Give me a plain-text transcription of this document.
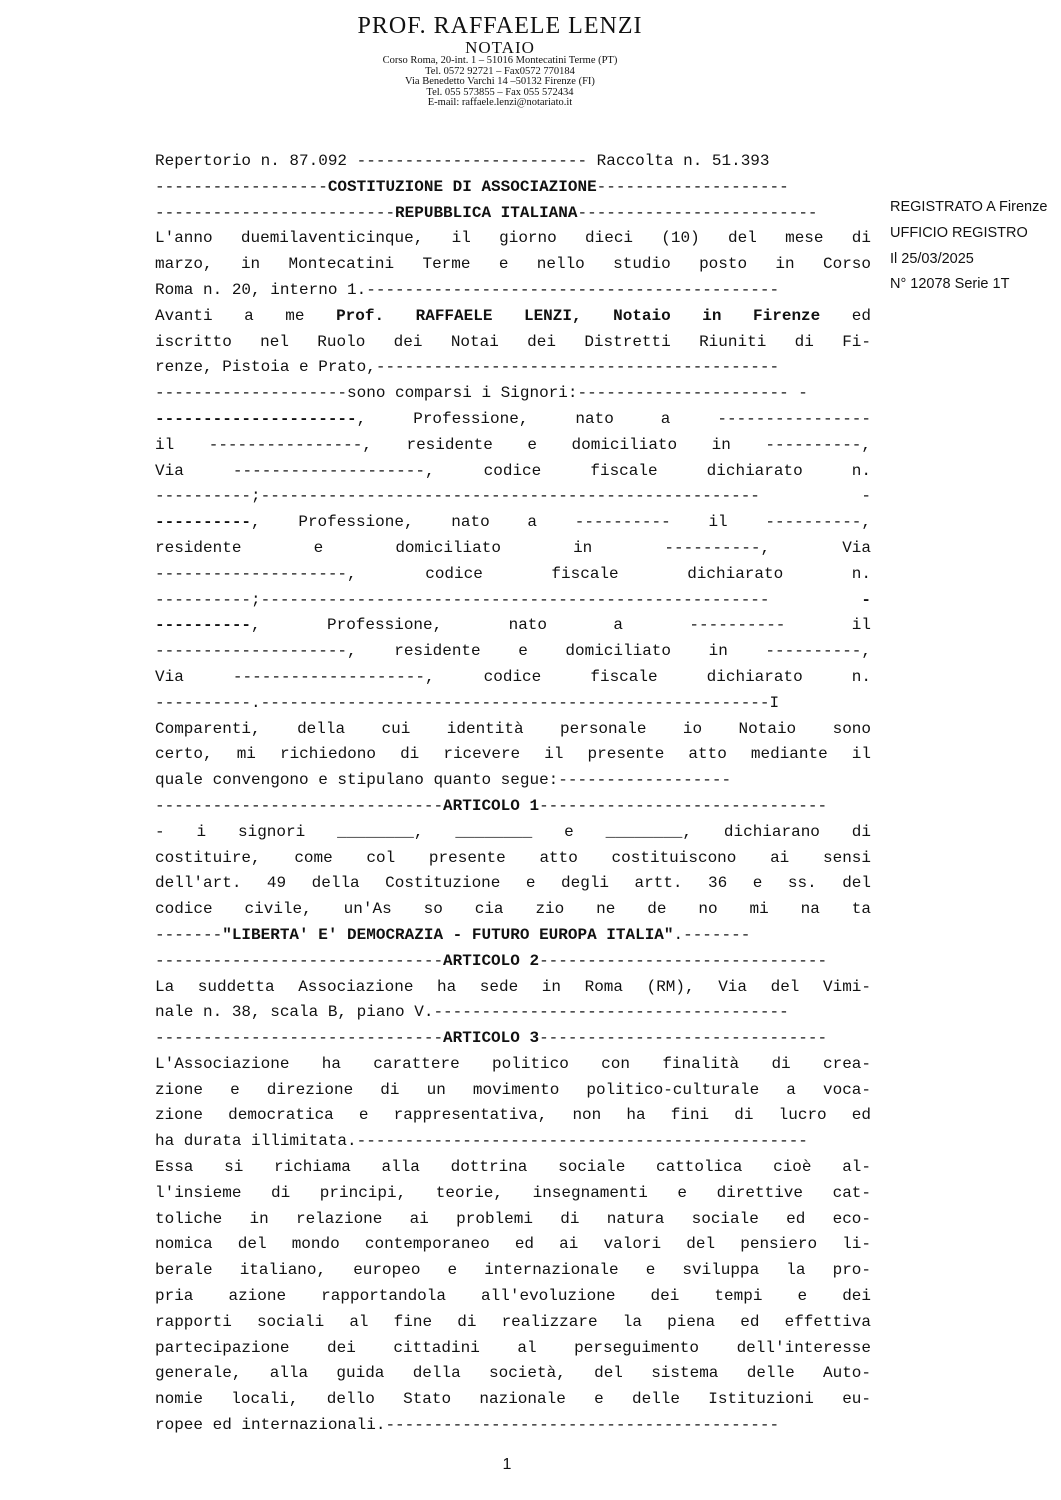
PROF. RAFFAELE LENZI
NOTAIO
Corso Roma, 20-int. 1 – 51016 Montecatini Terme (PT)
Tel. 0572 92721 – Fax0572 770184
Via Benedetto Varchi 14 –50132 Firenze (FI)
Tel. 055 573855 – Fax 055 572434
E-mail: raffaele.lenzi@notariato.it
REGISTRATO A Firenze
UFFICIO REGISTRO
Il 25/03/2025
N° 12078 Serie 1T
Repertorio n. 87.092 ------------------------ Raccolta n. 51.393
------------------COSTITUZIONE DI ASSOCIAZIONE--------------------
-------------------------REPUBBLICA ITALIANA-------------------------
L'anno duemilaventicinque, il giorno dieci (10) del mese di
marzo, in Montecatini Terme e nello studio posto in Corso
Roma n. 20, interno 1.-------------------------------------------
Avanti a me Prof. RAFFAELE LENZI, Notaio in Firenze ed
iscritto nel Ruolo dei Notai dei Distretti Riuniti di Fi-
renze, Pistoia e Prato,------------------------------------------
--------------------sono comparsi i Signori:---------------------- -
---------------------, Professione, nato a ----------------
il ----------------, residente e domiciliato in ----------,
Via --------------------, codice fiscale dichiarato n.
----------;---------------------------------------------------- -
----------, Professione, nato a ---------- il ----------,
residente e domiciliato in ----------, Via
--------------------, codice fiscale dichiarato n.
----------;----------------------------------------------------- -
----------, Professione, nato a ---------- il
--------------------, residente e domiciliato in ----------,
Via --------------------, codice fiscale dichiarato n.
----------.-----------------------------------------------------I
Comparenti, della cui identità personale io Notaio sono
certo, mi richiedono di ricevere il presente atto mediante il
quale convengono e stipulano quanto segue:------------------
------------------------------ARTICOLO 1------------------------------
- i signori ________, ________ e ________, dichiarano di
costituire, come col presente atto costituiscono ai sensi
dell'art. 49 della Costituzione e degli artt. 36 e ss. del
codice civile, un'As so cia zio ne de no mi na ta
-------"LIBERTA' E' DEMOCRAZIA - FUTURO EUROPA ITALIA".-------
------------------------------ARTICOLO 2------------------------------
La suddetta Associazione ha sede in Roma (RM), Via del Vimi-
nale n. 38, scala B, piano V.-------------------------------------
------------------------------ARTICOLO 3------------------------------
L'Associazione ha carattere politico con finalità di crea-
zione e direzione di un movimento politico-culturale a voca-
zione democratica e rappresentativa, non ha fini di lucro ed
ha durata illimitata.-----------------------------------------------
Essa si richiama alla dottrina sociale cattolica cioè al-
l'insieme di principi, teorie, insegnamenti e direttive cat-
toliche in relazione ai problemi di natura sociale ed eco-
nomica del mondo contemporaneo ed ai valori del pensiero li-
berale italiano, europeo e internazionale e sviluppa la pro-
pria azione rapportandola all'evoluzione dei tempi e dei
rapporti sociali al fine di realizzare la piena ed effettiva
partecipazione dei cittadini al perseguimento dell'interesse
generale, alla guida della società, del sistema delle Auto-
nomie locali, dello Stato nazionale e delle Istituzioni eu-
ropee ed internazionali.-----------------------------------------
1
